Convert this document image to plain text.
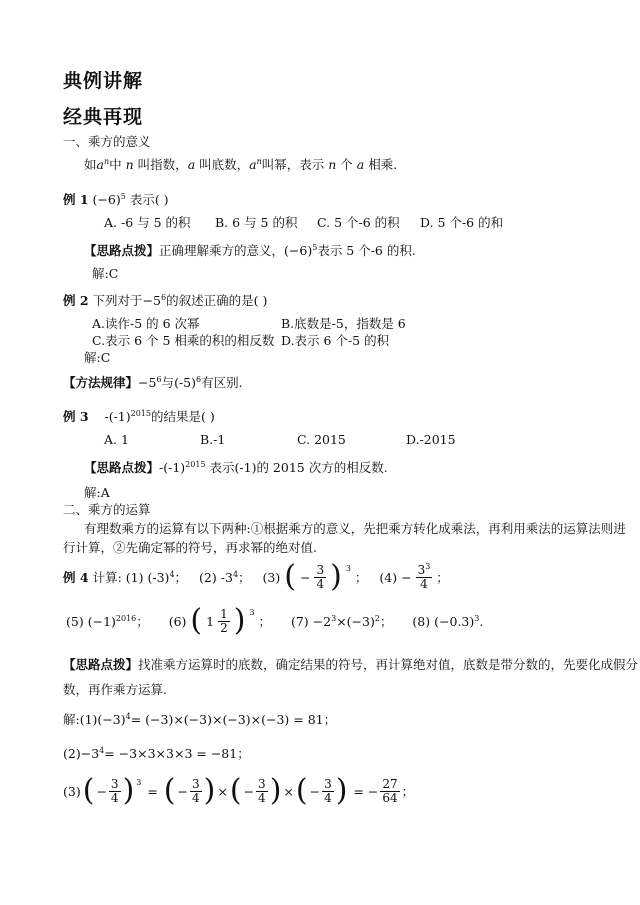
典例讲解
经典再现
一、乘方的意义
如$a^n$中 n 叫指数，a 叫底数，$a^n$叫幂，表示 n 个 a 相乘.
例 1 $(-6)^5$ 表示( )
A. -6 与 5 的积 B. 6 与 5 的积 C. 5 个-6 的积 D. 5 个-6 的和
【思路点拨】正确理解乘方的意义，$(-6)^5$表示 5 个-6 的积.
解:C
例 2 下列对于$-5^6$的叙述正确的是( )
A.读作-5 的 6 次幂	B.底数是-5，指数是 6
C.表示 6 个 5 相乘的积的相反数 D.表示 6 个-5 的积
解:C
【方法规律】$-5^6$与$(-5)^6$有区别.
例 3 $-(-1)^{2015}$的结果是( )
A. 1	B.-1	C. 2015	D.-2015
【思路点拨】$-(-1)^{2015}$ 表示(-1)的 2015 次方的相反数.
解:A
二、乘方的运算
有理数乘方的运算有以下两种:①根据乘方的意义，先把乘方转化成乘法，再利用乘法的运算法则进
行计算，②先确定幂的符号，再求幂的绝对值.
例 4 计算: (1) $(-3)^4$；
(2) $-3^4$；
(3) ( − $\frac{3}{4}$ ) $^3$
； $(4) - \frac{3^3}{4}$ ；
(5) $(-1)^{2016}$；
(6) ( $1 \frac{1}{2}$ ) $^3$
； $(7) -2^3\times(-3)^2$；
(8) $(-0.3)^3$.
【思路点拨】找准乘方运算时的底数，确定结果的符号，再计算绝对值，底数是带分数的，先要化成假分
数，再作乘方运算.
解$:(1)(-3)^4= (-3)\times(-3)\times(-3)\times(-3) = 81$；
$(2)-3^4= -3\times 3\times 3\times 3 = -81$；
(3) ( − $\frac{3}{4}$ ) $^3$
= ( − $\frac{3}{4}$ ) × ( − $\frac{3}{4}$ ) × ( − $\frac{3}{4}$ ) = − $\frac{27}{64}$ ；
